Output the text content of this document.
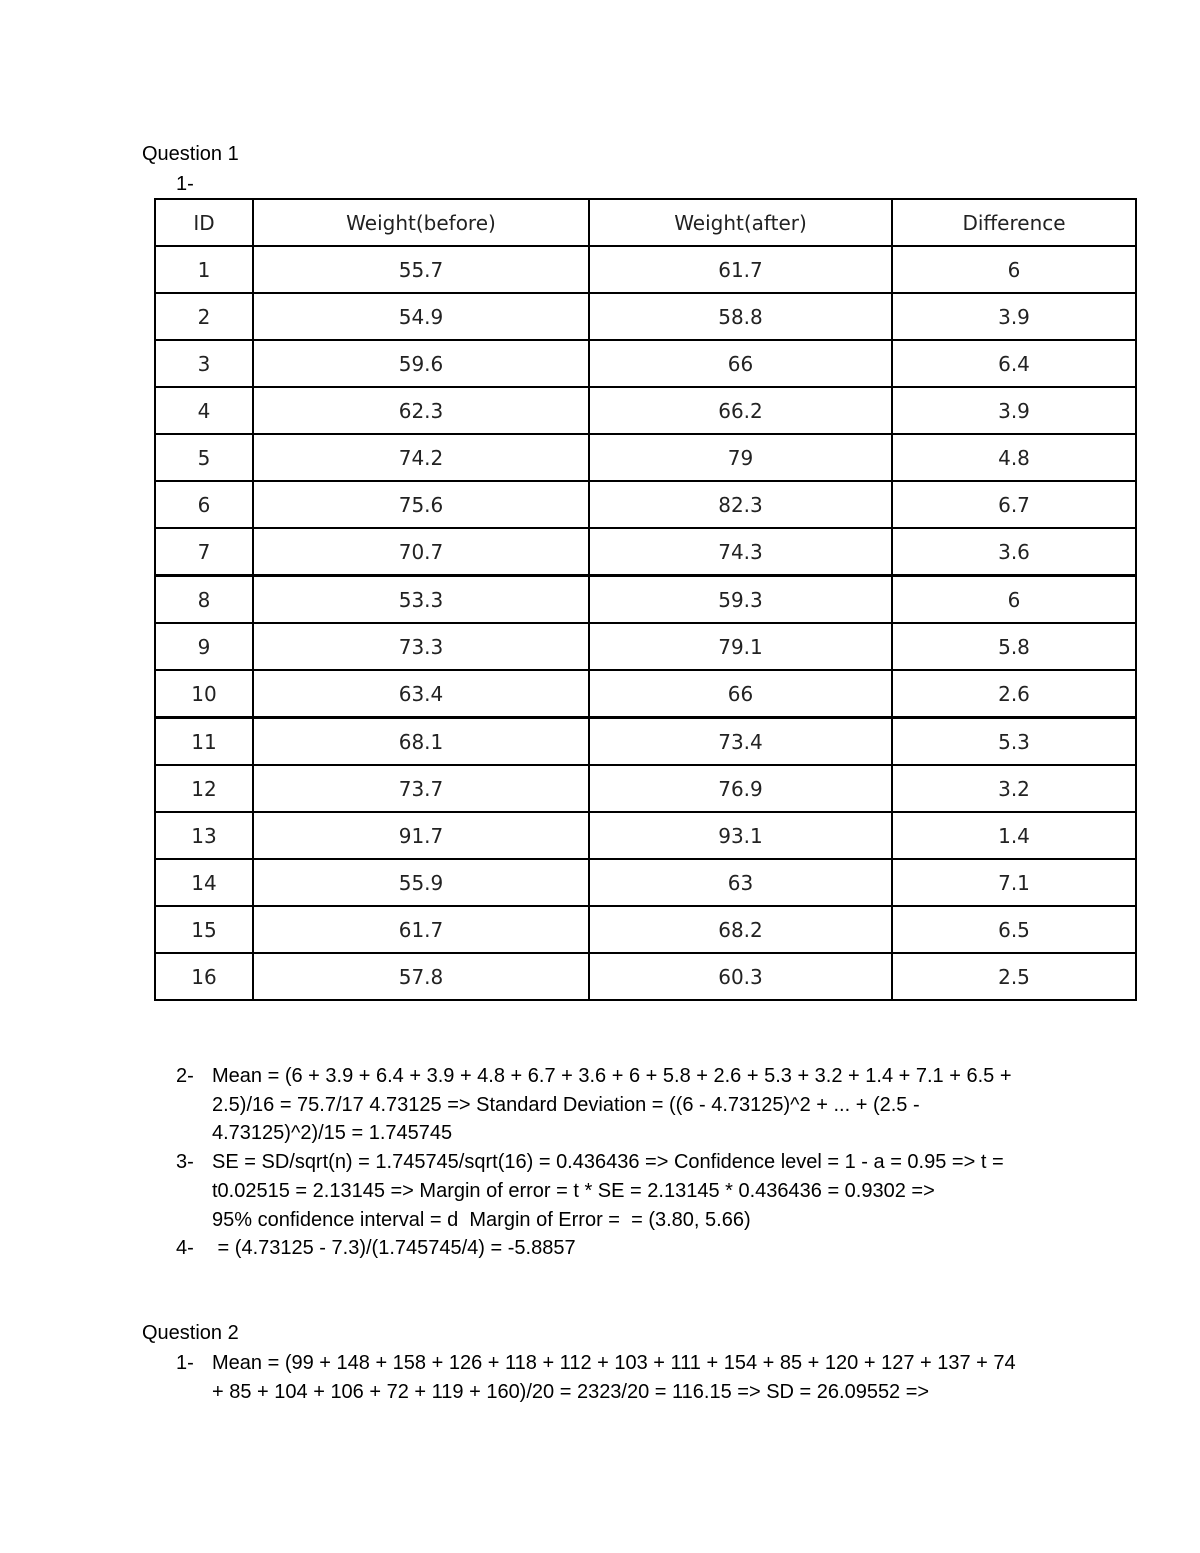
Question 1
1-
ID	Weight(before)	Weight(after)	Difference
1	55.7	61.7	6
2	54.9	58.8	3.9
3	59.6	66	6.4
4	62.3	66.2	3.9
5	74.2	79	4.8
6	75.6	82.3	6.7
7	70.7	74.3	3.6
8	53.3	59.3	6
9	73.3	79.1	5.8
10	63.4	66	2.6
11	68.1	73.4	5.3
12	73.7	76.9	3.2
13	91.7	93.1	1.4
14	55.9	63	7.1
15	61.7	68.2	6.5
16	57.8	60.3	2.5
2- Mean = (6 + 3.9 + 6.4 + 3.9 + 4.8 + 6.7 + 3.6 + 6 + 5.8 + 2.6 + 5.3 + 3.2 + 1.4 + 7.1 + 6.5 +
2.5)/16 = 75.7/17 4.73125 => Standard Deviation = ((6 - 4.73125)^2 + ... + (2.5 -
4.73125)^2)/15 = 1.745745
3- SE = SD/sqrt(n) = 1.745745/sqrt(16) = 0.436436 => Confidence level = 1 - a = 0.95 => t =
t0.02515 = 2.13145 => Margin of error = t * SE = 2.13145 * 0.436436 = 0.9302 =>
95% confidence interval = d  Margin of Error =  = (3.80, 5.66)
4- = (4.73125 - 7.3)/(1.745745/4) = -5.8857
Question 2
1- Mean = (99 + 148 + 158 + 126 + 118 + 112 + 103 + 111 + 154 + 85 + 120 + 127 + 137 + 74
+ 85 + 104 + 106 + 72 + 119 + 160)/20 = 2323/20 = 116.15 => SD = 26.09552 =>
